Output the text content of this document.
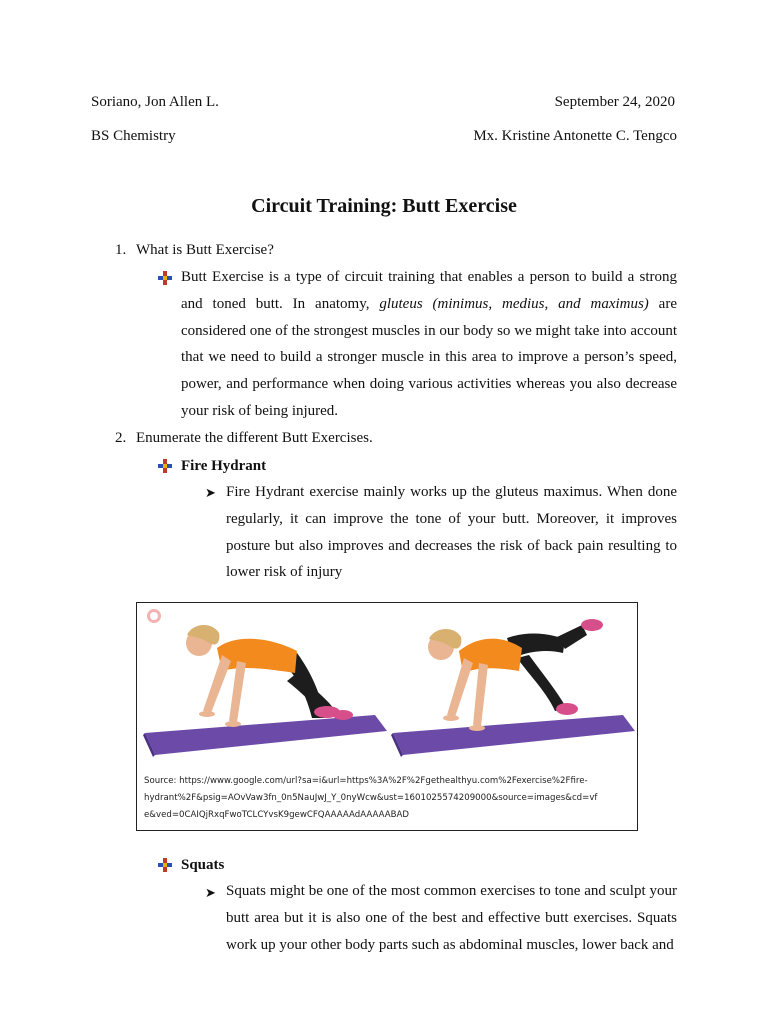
Soriano, Jon Allen L.	September 24, 2020
BS Chemistry	Mx. Kristine Antonette C. Tengco
Circuit Training: Butt Exercise
1. What is Butt Exercise?
Butt Exercise is a type of circuit training that enables a person to build a strong and toned butt. In anatomy, gluteus (minimus, medius, and maximus) are considered one of the strongest muscles in our body so we might take into account that we need to build a stronger muscle in this area to improve a person’s speed, power, and performance when doing various activities whereas you also decrease your risk of being injured.
2. Enumerate the different Butt Exercises.
Fire Hydrant
➤ Fire Hydrant exercise mainly works up the gluteus maximus. When done regularly, it can improve the tone of your butt. Moreover, it improves posture but also improves and decreases the risk of back pain resulting to lower risk of injury
Source: https://www.google.com/url?sa=i&url=https%3A%2F%2Fgethealthyu.com%2Fexercise%2Ffire-
hydrant%2F&psig=AOvVaw3fn_0n5NauJwJ_Y_0nyWcw&ust=1601025574209000&source=images&cd=vf
e&ved=0CAIQjRxqFwoTCLCYvsK9gewCFQAAAAAdAAAAABAD
Squats
➤ Squats might be one of the most common exercises to tone and sculpt your butt area but it is also one of the best and effective butt exercises. Squats work up your other body parts such as abdominal muscles, lower back and
